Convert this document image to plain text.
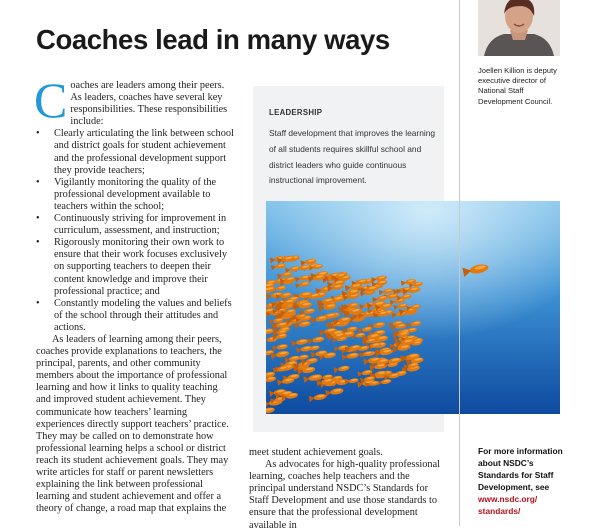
Coaches lead in many ways

Coaches are leaders among their peers. As leaders, coaches have several key responsibilities. These responsibilities include:

• Clearly articulating the link between school and district goals for student achievement and the professional development support they provide teachers;
• Vigilantly monitoring the quality of the professional development available to teachers within the school;
• Continuously striving for improvement in curriculum, assessment, and instruction;
• Rigorously monitoring their own work to ensure that their work focuses exclusively on supporting teachers to deepen their content knowledge and improve their professional practice; and
• Constantly modeling the values and beliefs of the school through their attitudes and actions.

As leaders of learning among their peers, coaches provide explanations to teachers, the principal, parents, and other community members about the importance of professional learning and how it links to quality teaching and improved student achievement. They communicate how teachers’ learning experiences directly support teachers’ practice. They may be called on to demonstrate how professional learning helps a school or district reach its student achievement goals. They may write articles for staff or parent newsletters explaining the link between professional learning and student achievement and offer a theory of change, a road map that explains the

LEADERSHIP
Staff development that improves the learning of all students requires skillful school and district leaders who guide continuous instructional improvement.

meet student achievement goals.

As advocates for high-quality professional learning, coaches help teachers and the principal understand NSDC’s Standards for Staff Development and use those standards to ensure that the professional development available in

Joellen Killion is deputy executive director of National Staff Development Council.
For more information about NSDC’s Standards for Staff Development, see
www.nsdc.org/
standards/
